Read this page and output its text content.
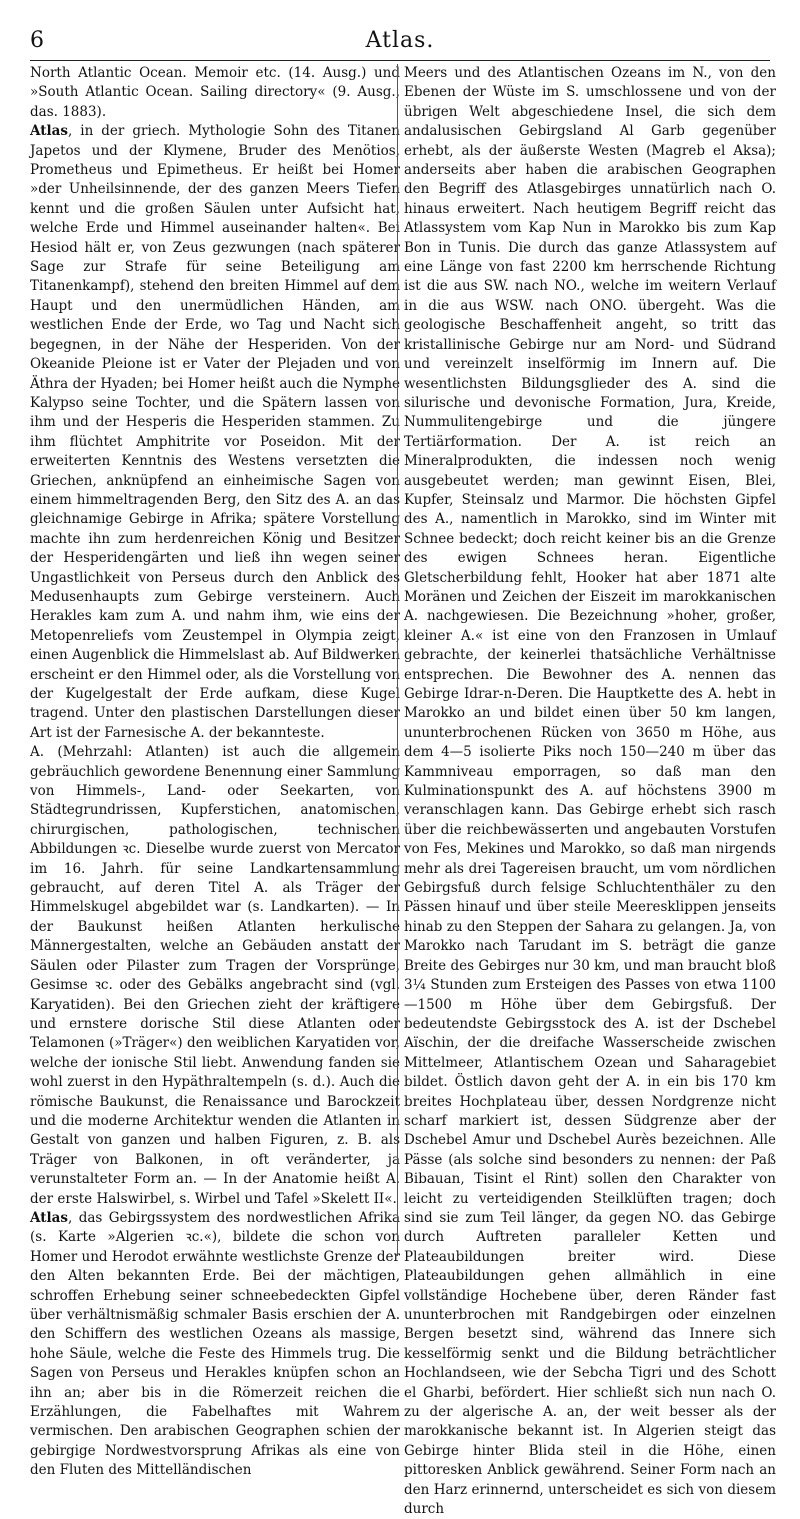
6	Atlas.

North Atlantic Ocean. Memoir etc. (14. Ausg.) und »South Atlantic Ocean. Sailing directory« (9. Ausg., das. 1883).

Atlas, in der griech. Mythologie Sohn des Titanen Japetos und der Klymene, Bruder des Menötios, Prometheus und Epimetheus. Er heißt bei Homer »der Unheilsinnende, der des ganzen Meers Tiefen kennt und die großen Säulen unter Aufsicht hat, welche Erde und Himmel auseinander halten«. Bei Hesiod hält er, von Zeus gezwungen (nach späterer Sage zur Strafe für seine Beteiligung am Titanenkampf), stehend den breiten Himmel auf dem Haupt und den unermüdlichen Händen, am westlichen Ende der Erde, wo Tag und Nacht sich begegnen, in der Nähe der Hesperiden. Von der Okeanide Pleione ist er Vater der Plejaden und von Äthra der Hyaden; bei Homer heißt auch die Nymphe Kalypso seine Tochter, und die Spätern lassen von ihm und der Hesperis die Hesperiden stammen. Zu ihm flüchtet Amphitrite vor Poseidon. Mit der erweiterten Kenntnis des Westens versetzten die Griechen, anknüpfend an einheimische Sagen von einem himmeltragenden Berg, den Sitz des A. an das gleichnamige Gebirge in Afrika; spätere Vorstellung machte ihn zum herdenreichen König und Besitzer der Hesperidengärten und ließ ihn wegen seiner Ungastlichkeit von Perseus durch den Anblick des Medusenhaupts zum Gebirge versteinern. Auch Herakles kam zum A. und nahm ihm, wie eins der Metopenreliefs vom Zeustempel in Olympia zeigt, einen Augenblick die Himmelslast ab. Auf Bildwerken erscheint er den Himmel oder, als die Vorstellung von der Kugelgestalt der Erde aufkam, diese Kugel tragend. Unter den plastischen Darstellungen dieser Art ist der Farnesische A. der bekannteste.

A. (Mehrzahl: Atlanten) ist auch die allgemein gebräuchlich gewordene Benennung einer Sammlung von Himmels-, Land- oder Seekarten, von Städtegrundrissen, Kupferstichen, anatomischen, chirurgischen, pathologischen, technischen Abbildungen ꝛc. Dieselbe wurde zuerst von Mercator im 16. Jahrh. für seine Landkartensammlung gebraucht, auf deren Titel A. als Träger der Himmelskugel abgebildet war (s. Landkarten). — In der Baukunst heißen Atlanten herkulische Männergestalten, welche an Gebäuden anstatt der Säulen oder Pilaster zum Tragen der Vorsprünge, Gesimse ꝛc. oder des Gebälks angebracht sind (vgl. Karyatiden). Bei den Griechen zieht der kräftigere und ernstere dorische Stil diese Atlanten oder Telamonen (»Träger«) den weiblichen Karyatiden vor, welche der ionische Stil liebt. Anwendung fanden sie wohl zuerst in den Hypäthraltempeln (s. d.). Auch die römische Baukunst, die Renaissance und Barockzeit und die moderne Architektur wenden die Atlanten in Gestalt von ganzen und halben Figuren, z. B. als Träger von Balkonen, in oft veränderter, ja verunstalteter Form an. — In der Anatomie heißt A. der erste Halswirbel, s. Wirbel und Tafel »Skelett II«.

Atlas, das Gebirgssystem des nordwestlichen Afrika (s. Karte »Algerien ꝛc.«), bildete die schon von Homer und Herodot erwähnte westlichste Grenze der den Alten bekannten Erde. Bei der mächtigen, schroffen Erhebung seiner schneebedeckten Gipfel über verhältnismäßig schmaler Basis erschien der A. den Schiffern des westlichen Ozeans als massige, hohe Säule, welche die Feste des Himmels trug. Die Sagen von Perseus und Herakles knüpfen schon an ihn an; aber bis in die Römerzeit reichen die Erzählungen, die Fabelhaftes mit Wahrem vermischen. Den arabischen Geographen schien der gebirgige Nordwestvorsprung Afrikas als eine von den Fluten des Mittelländischen

Meers und des Atlantischen Ozeans im N., von den Ebenen der Wüste im S. umschlossene und von der übrigen Welt abgeschiedene Insel, die sich dem andalusischen Gebirgsland Al Garb gegenüber erhebt, als der äußerste Westen (Magreb el Aksa); anderseits aber haben die arabischen Geographen den Begriff des Atlasgebirges unnatürlich nach O. hinaus erweitert. Nach heutigem Begriff reicht das Atlassystem vom Kap Nun in Marokko bis zum Kap Bon in Tunis. Die durch das ganze Atlassystem auf eine Länge von fast 2200 km herrschende Richtung ist die aus SW. nach NO., welche im weitern Verlauf in die aus WSW. nach ONO. übergeht. Was die geologische Beschaffenheit angeht, so tritt das kristallinische Gebirge nur am Nord- und Südrand und vereinzelt inselförmig im Innern auf. Die wesentlichsten Bildungsglieder des A. sind die silurische und devonische Formation, Jura, Kreide, Nummulitengebirge und die jüngere Tertiärformation. Der A. ist reich an Mineralprodukten, die indessen noch wenig ausgebeutet werden; man gewinnt Eisen, Blei, Kupfer, Steinsalz und Marmor. Die höchsten Gipfel des A., namentlich in Marokko, sind im Winter mit Schnee bedeckt; doch reicht keiner bis an die Grenze des ewigen Schnees heran. Eigentliche Gletscherbildung fehlt, Hooker hat aber 1871 alte Moränen und Zeichen der Eiszeit im marokkanischen A. nachgewiesen. Die Bezeichnung »hoher, großer, kleiner A.« ist eine von den Franzosen in Umlauf gebrachte, der keinerlei thatsächliche Verhältnisse entsprechen. Die Bewohner des A. nennen das Gebirge Idrar-n-Deren. Die Hauptkette des A. hebt in Marokko an und bildet einen über 50 km langen, ununterbrochenen Rücken von 3650 m Höhe, aus dem 4—5 isolierte Piks noch 150—240 m über das Kammniveau emporragen, so daß man den Kulminationspunkt des A. auf höchstens 3900 m veranschlagen kann. Das Gebirge erhebt sich rasch über die reichbewässerten und angebauten Vorstufen von Fes, Mekines und Marokko, so daß man nirgends mehr als drei Tagereisen braucht, um vom nördlichen Gebirgsfuß durch felsige Schluchtenthäler zu den Pässen hinauf und über steile Meeresklippen jenseits hinab zu den Steppen der Sahara zu gelangen. Ja, von Marokko nach Tarudant im S. beträgt die ganze Breite des Gebirges nur 30 km, und man braucht bloß 3¼ Stunden zum Ersteigen des Passes von etwa 1100—1500 m Höhe über dem Gebirgsfuß. Der bedeutendste Gebirgsstock des A. ist der Dschebel Aïschin, der die dreifache Wasserscheide zwischen Mittelmeer, Atlantischem Ozean und Saharagebiet bildet. Östlich davon geht der A. in ein bis 170 km breites Hochplateau über, dessen Nordgrenze nicht scharf markiert ist, dessen Südgrenze aber der Dschebel Amur und Dschebel Aurès bezeichnen. Alle Pässe (als solche sind besonders zu nennen: der Paß Bibauan, Tisint el Rint) sollen den Charakter von leicht zu verteidigenden Steilklüften tragen; doch sind sie zum Teil länger, da gegen NO. das Gebirge durch Auftreten paralleler Ketten und Plateaubildungen breiter wird. Diese Plateaubildungen gehen allmählich in eine vollständige Hochebene über, deren Ränder fast ununterbrochen mit Randgebirgen oder einzelnen Bergen besetzt sind, während das Innere sich kesselförmig senkt und die Bildung beträchtlicher Hochlandseen, wie der Sebcha Tigri und des Schott el Gharbi, befördert. Hier schließt sich nun nach O. zu der algerische A. an, der weit besser als der marokkanische bekannt ist. In Algerien steigt das Gebirge hinter Blida steil in die Höhe, einen pittoresken Anblick gewährend. Seiner Form nach an den Harz erinnernd, unterscheidet es sich von diesem durch
